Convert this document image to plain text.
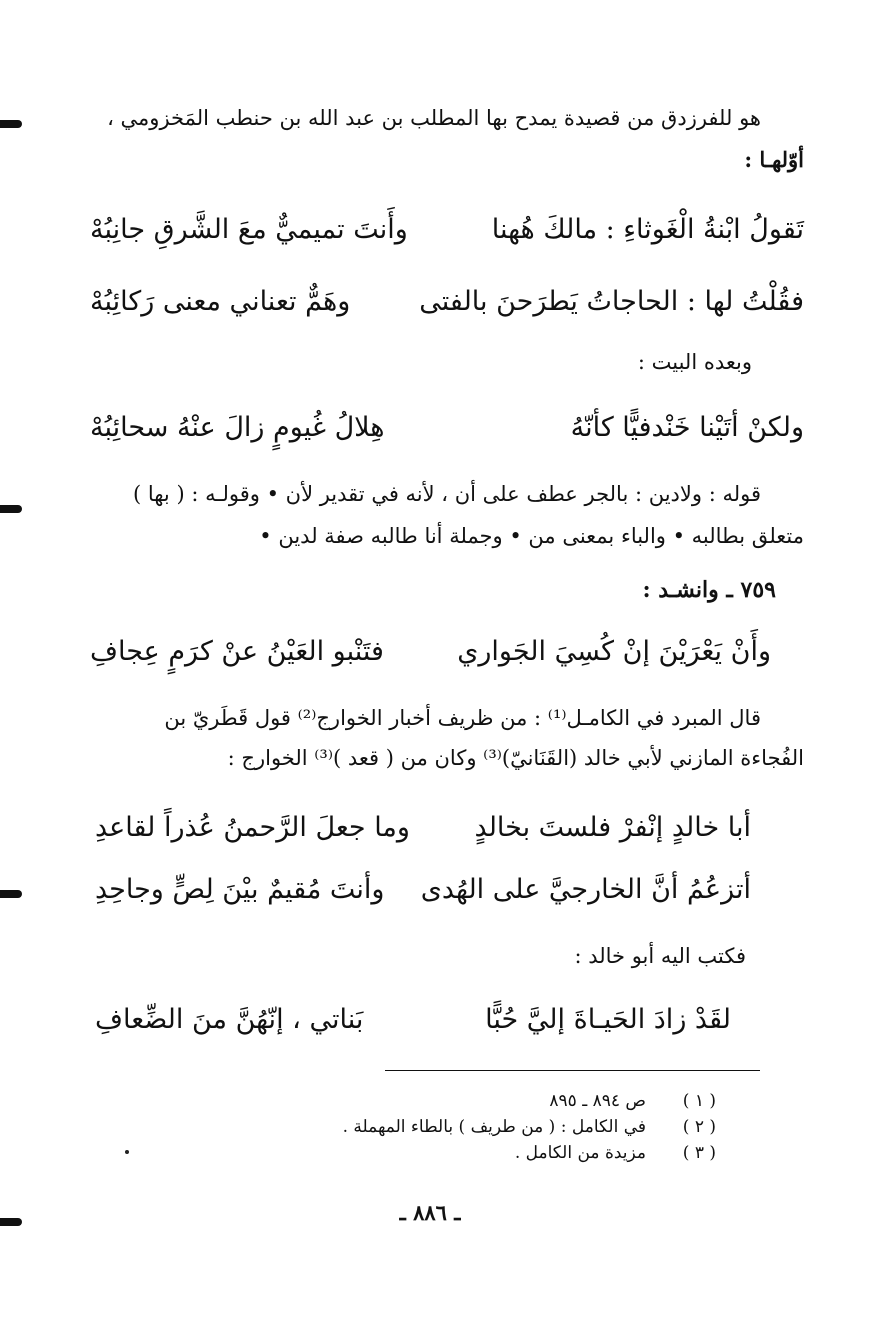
هو للفرزدق من قصيدة يمدح بها المطلب بن عبد الله بن حنطب المَخزومي ،
أوّلهـا :
تَقولُ ابْنةُ الْغَوثاءِ : مالكَ هُهنا
وأَنتَ تميميٌّ معَ الشَّرقِ جانِبُهْ
فقُلْتُ لها : الحاجاتُ يَطرَحنَ بالفتى
وهَمٌّ تعناني معنى رَكائِبُهْ
وبعده البيت :
ولكنْ أتَيْنا خَنْدفيًّا كأنّهُ
هِلالُ غُيومٍ زالَ عنْهُ سحائِبُهْ
قوله : ولادين : بالجر عطف على أن ، لأنه في تقدير لأن • وقولـه : ( بها )
متعلق بطالبه • والباء بمعنى من • وجملة أنا طالبه صفة لدين •
٧٥٩ ـ وانشـد :
وأَنْ يَعْرَيْنَ إنْ كُسِيَ الجَواري
فتَنْبو العَيْنُ عنْ كرَمٍ عِجافِ
قال المبرد في الكامـل⁽¹⁾ : من ظريف أخبار الخوارج⁽²⁾ قول قَطَريّ بن
الفُجاءة المازني لأبي خالد (القَنَانيّ)⁽³⁾ وكان من ( قعد )⁽³⁾ الخوارج :
أبا خالدٍ إنْفرْ فلستَ بخالدٍ
وما جعلَ الرَّحمنُ عُذراً لقاعدِ
أتزعُمُ أنَّ الخارجيَّ على الهُدى
وأنتَ مُقيمٌ بيْنَ لِصٍّ وجاحِدِ
فكتب اليه أبو خالد :
لقَدْ زادَ الحَيـاةَ إليَّ حُبًّا
بَناتي ، إنّهُنَّ منَ الضِّعافِ
( ١ )
ص ٨٩٤ ـ ٨٩٥
( ٢ )
في الكامل : ( من طريف ) بالطاء المهملة .
( ٣ )
مزيدة من الكامل .
ـ ٨٨٦ ـ
